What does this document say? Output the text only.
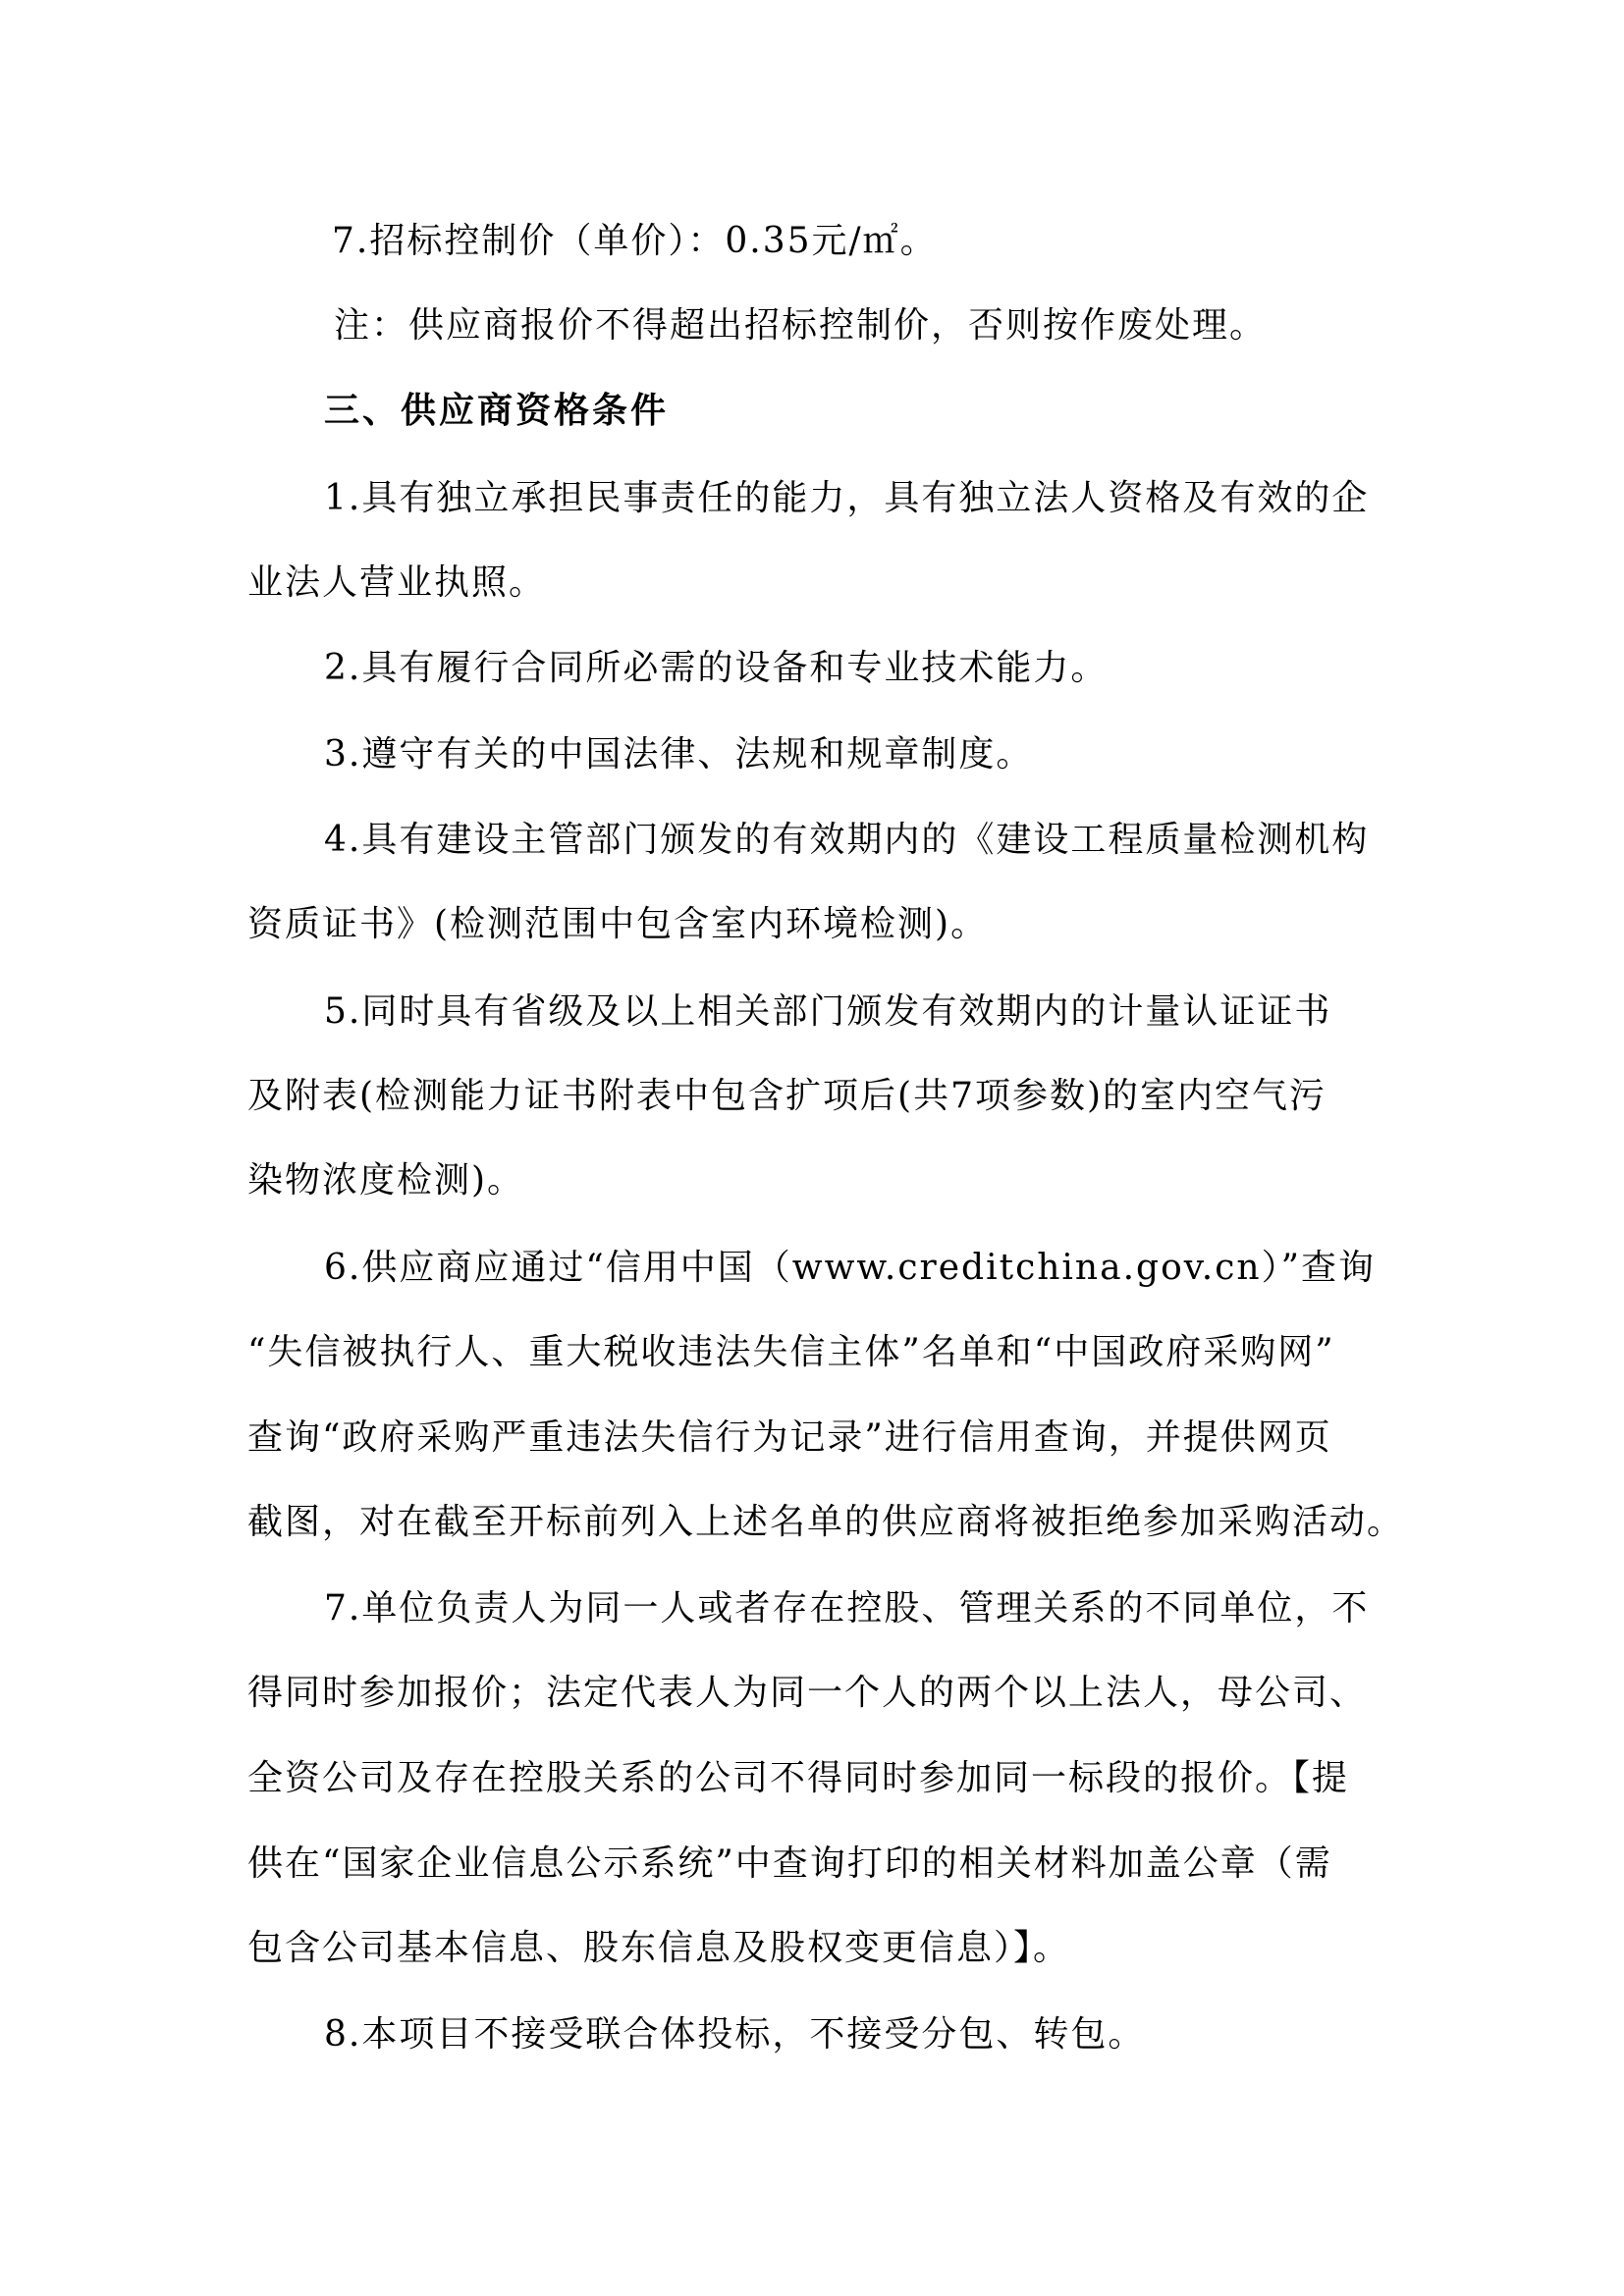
7.招标控制价（单价）：0.35元/㎡。
注：供应商报价不得超出招标控制价，否则按作废处理。
三、供应商资格条件
1.具有独立承担民事责任的能力，具有独立法人资格及有效的企
业法人营业执照。
2.具有履行合同所必需的设备和专业技术能力。
3.遵守有关的中国法律、法规和规章制度。
4.具有建设主管部门颁发的有效期内的《建设工程质量检测机构
资质证书》(检测范围中包含室内环境检测)。
5.同时具有省级及以上相关部门颁发有效期内的计量认证证书
及附表(检测能力证书附表中包含扩项后(共7项参数)的室内空气污
染物浓度检测)。
6.供应商应通过“信用中国（www.creditchina.gov.cn）”查询
“失信被执行人、重大税收违法失信主体”名单和“中国政府采购网”
查询“政府采购严重违法失信行为记录”进行信用查询，并提供网页
截图，对在截至开标前列入上述名单的供应商将被拒绝参加采购活动。
7.单位负责人为同一人或者存在控股、管理关系的不同单位，不
得同时参加报价；法定代表人为同一个人的两个以上法人，母公司、
全资公司及存在控股关系的公司不得同时参加同一标段的报价。【提
供在“国家企业信息公示系统”中查询打印的相关材料加盖公章（需
包含公司基本信息、股东信息及股权变更信息）】。
8.本项目不接受联合体投标，不接受分包、转包。
